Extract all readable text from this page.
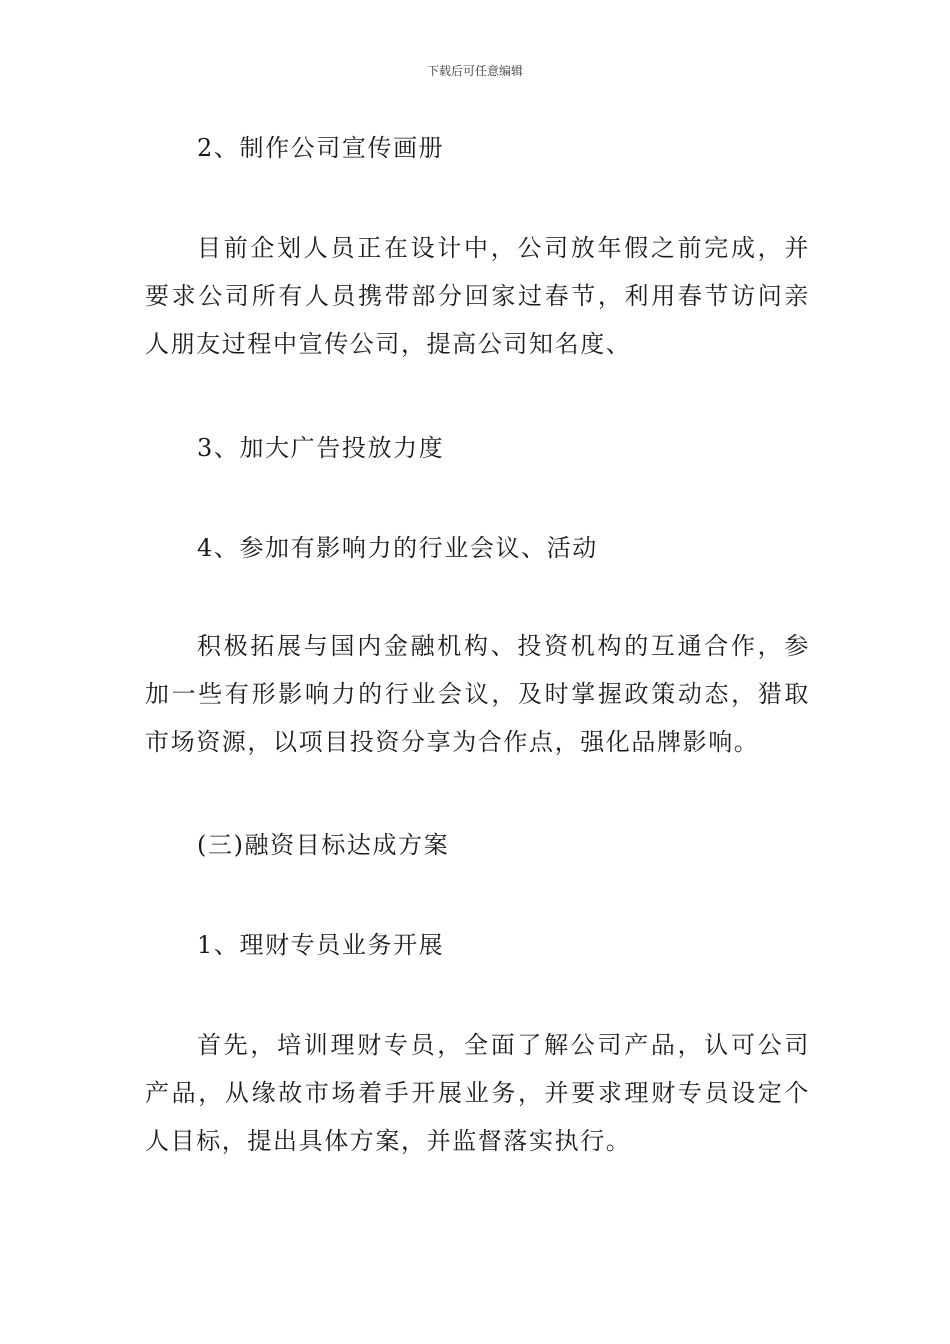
下载后可任意编辑

2、制作公司宣传画册

目前企划人员正在设计中，公司放年假之前完成，并要求公司所有人员携带部分回家过春节，利用春节访问亲人朋友过程中宣传公司，提高公司知名度、

3、加大广告投放力度

4、参加有影响力的行业会议、活动

积极拓展与国内金融机构、投资机构的互通合作，参加一些有形影响力的行业会议，及时掌握政策动态，猎取市场资源，以项目投资分享为合作点，强化品牌影响。

(三)融资目标达成方案

1、理财专员业务开展

首先，培训理财专员，全面了解公司产品，认可公司产品，从缘故市场着手开展业务，并要求理财专员设定个人目标，提出具体方案，并监督落实执行。
